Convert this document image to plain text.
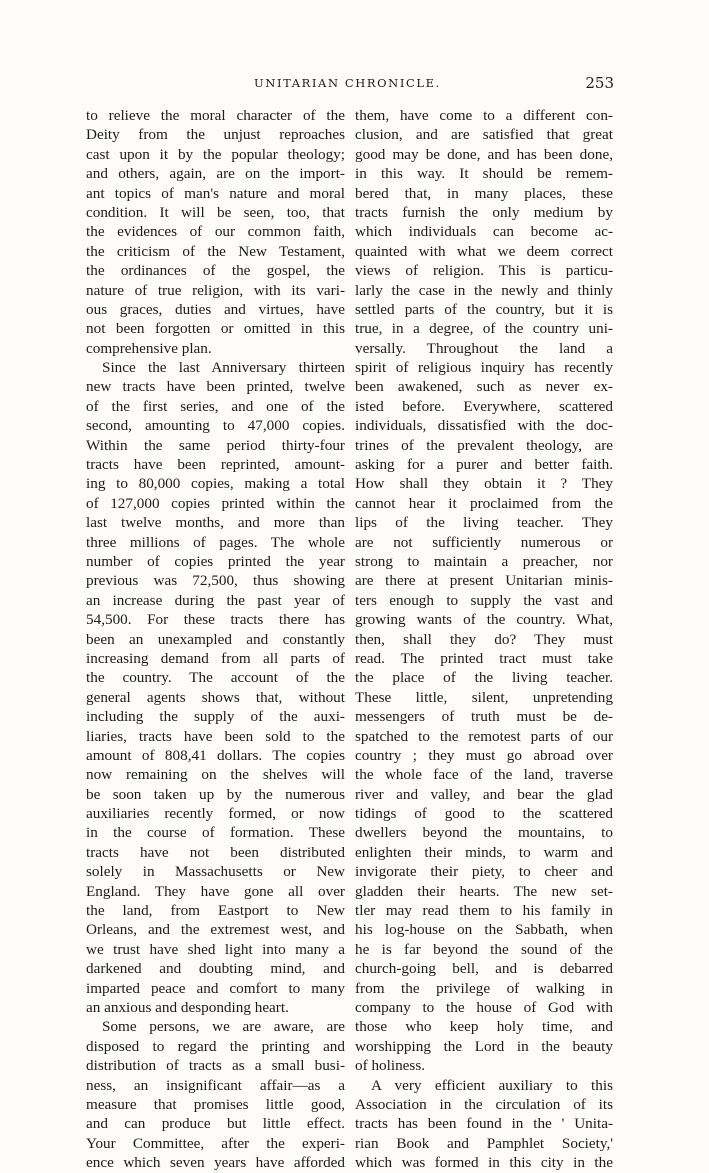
UNITARIAN CHRONICLE.	253
to relieve the moral character of the
Deity from the unjust reproaches
cast upon it by the popular theology;
and others, again, are on the import-
ant topics of man's nature and moral
condition. It will be seen, too, that
the evidences of our common faith,
the criticism of the New Testament,
the ordinances of the gospel, the
nature of true religion, with its vari-
ous graces, duties and virtues, have
not been forgotten or omitted in this
comprehensive plan.
Since the last Anniversary thirteen
new tracts have been printed, twelve
of the first series, and one of the
second, amounting to 47,000 copies.
Within the same period thirty-four
tracts have been reprinted, amount-
ing to 80,000 copies, making a total
of 127,000 copies printed within the
last twelve months, and more than
three millions of pages. The whole
number of copies printed the year
previous was 72,500, thus showing
an increase during the past year of
54,500. For these tracts there has
been an unexampled and constantly
increasing demand from all parts of
the country. The account of the
general agents shows that, without
including the supply of the auxi-
liaries, tracts have been sold to the
amount of 808,41 dollars. The copies
now remaining on the shelves will
be soon taken up by the numerous
auxiliaries recently formed, or now
in the course of formation. These
tracts have not been distributed
solely in Massachusetts or New
England. They have gone all over
the land, from Eastport to New
Orleans, and the extremest west, and
we trust have shed light into many a
darkened and doubting mind, and
imparted peace and comfort to many
an anxious and desponding heart.
Some persons, we are aware, are
disposed to regard the printing and
distribution of tracts as a small busi-
ness, an insignificant affair—as a
measure that promises little good,
and can produce but little effect.
Your Committee, after the experi-
ence which seven years have afforded
them, have come to a different con-
clusion, and are satisfied that great
good may be done, and has been done,
in this way. It should be remem-
bered that, in many places, these
tracts furnish the only medium by
which individuals can become ac-
quainted with what we deem correct
views of religion. This is particu-
larly the case in the newly and thinly
settled parts of the country, but it is
true, in a degree, of the country uni-
versally. Throughout the land a
spirit of religious inquiry has recently
been awakened, such as never ex-
isted before. Everywhere, scattered
individuals, dissatisfied with the doc-
trines of the prevalent theology, are
asking for a purer and better faith.
How shall they obtain it ? They
cannot hear it proclaimed from the
lips of the living teacher. They
are not sufficiently numerous or
strong to maintain a preacher, nor
are there at present Unitarian minis-
ters enough to supply the vast and
growing wants of the country. What,
then, shall they do? They must
read. The printed tract must take
the place of the living teacher.
These little, silent, unpretending
messengers of truth must be de-
spatched to the remotest parts of our
country ; they must go abroad over
the whole face of the land, traverse
river and valley, and bear the glad
tidings of good to the scattered
dwellers beyond the mountains, to
enlighten their minds, to warm and
invigorate their piety, to cheer and
gladden their hearts. The new set-
tler may read them to his family in
his log-house on the Sabbath, when
he is far beyond the sound of the
church-going bell, and is debarred
from the privilege of walking in
company to the house of God with
those who keep holy time, and
worshipping the Lord in the beauty
of holiness.
A very efficient auxiliary to this
Association in the circulation of its
tracts has been found in the ' Unita-
rian Book and Pamphlet Society,'
which was formed in this city in the
